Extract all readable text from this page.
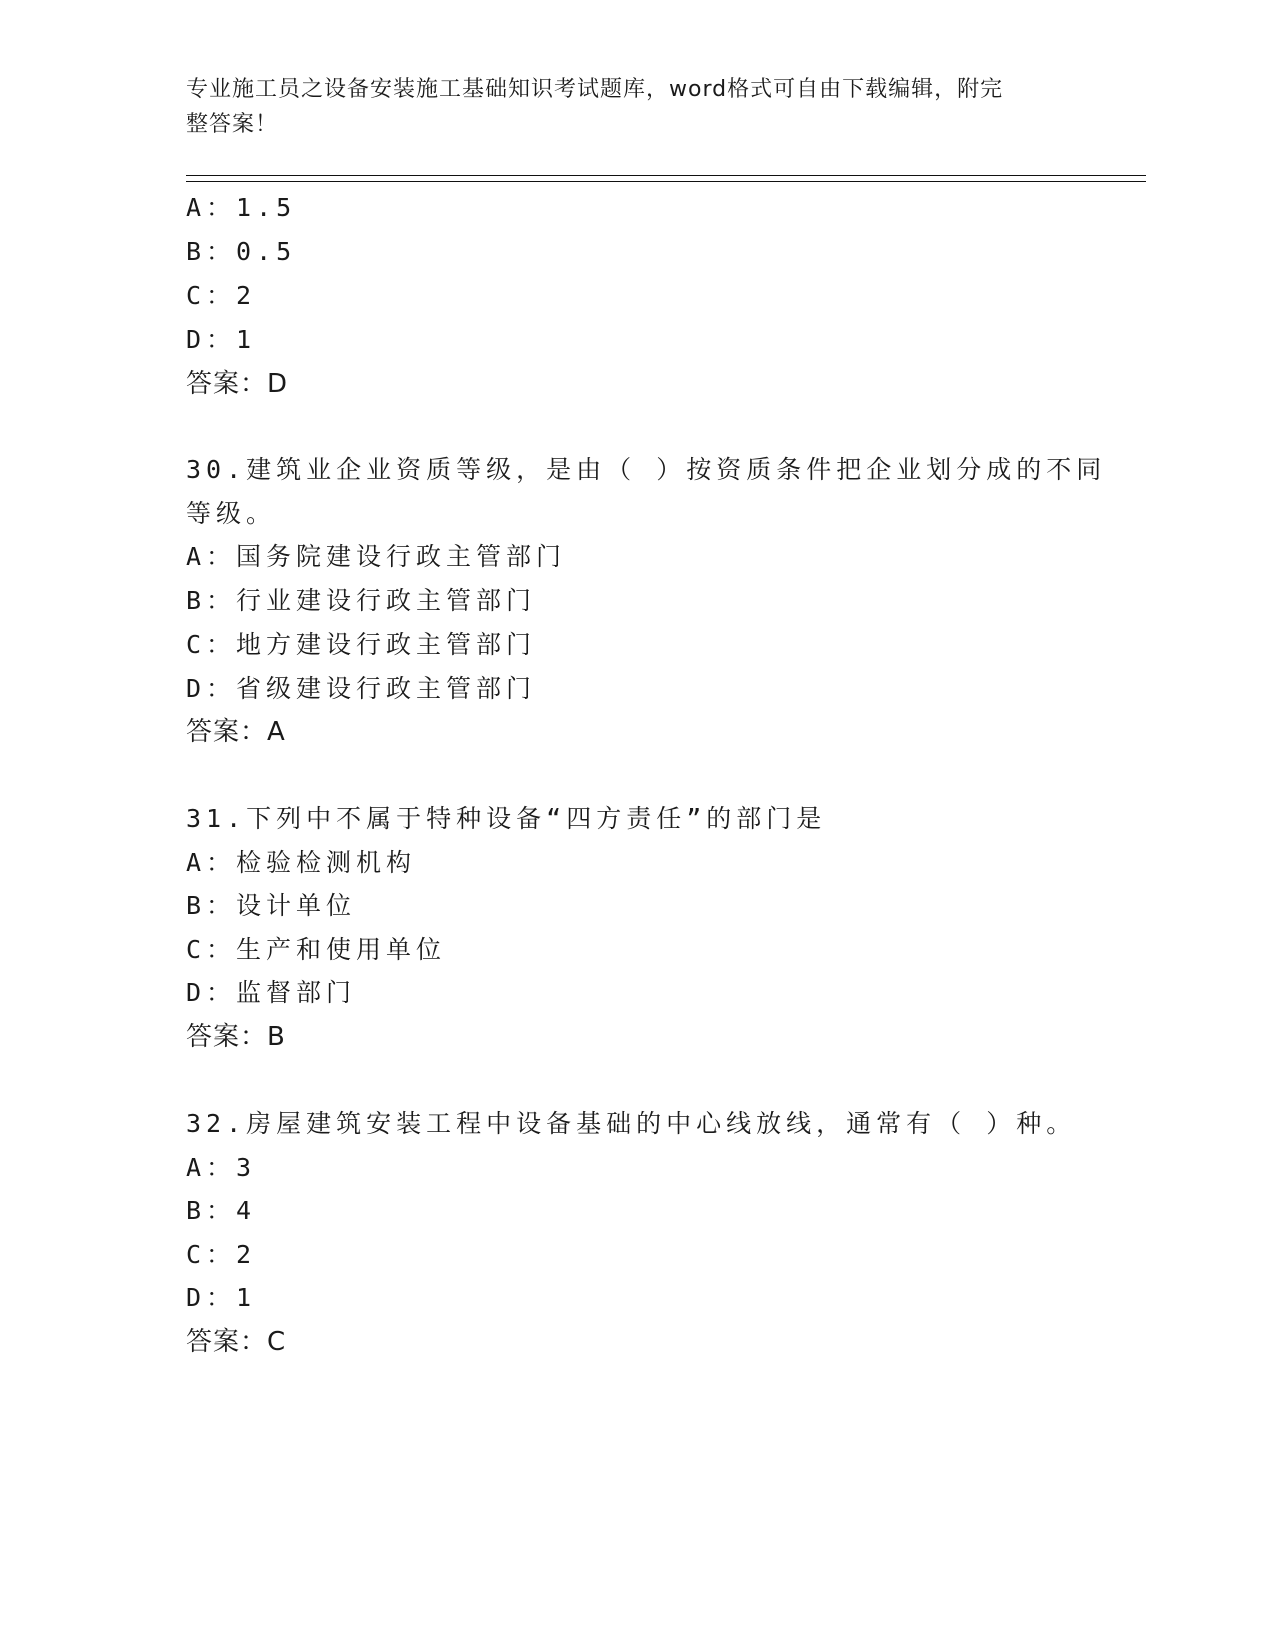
专业施工员之设备安装施工基础知识考试题库，word格式可自由下载编辑，附完
整答案！
A：1.5
B：0.5
C：2
D：1
答案：D
30.建筑业企业资质等级，是由（ ）按资质条件把企业划分成的不同
等级。
A：国务院建设行政主管部门
B：行业建设行政主管部门
C：地方建设行政主管部门
D：省级建设行政主管部门
答案：A
31.下列中不属于特种设备“四方责任”的部门是
A：检验检测机构
B：设计单位
C：生产和使用单位
D：监督部门
答案：B
32.房屋建筑安装工程中设备基础的中心线放线，通常有（ ）种。
A：3
B：4
C：2
D：1
答案：C
